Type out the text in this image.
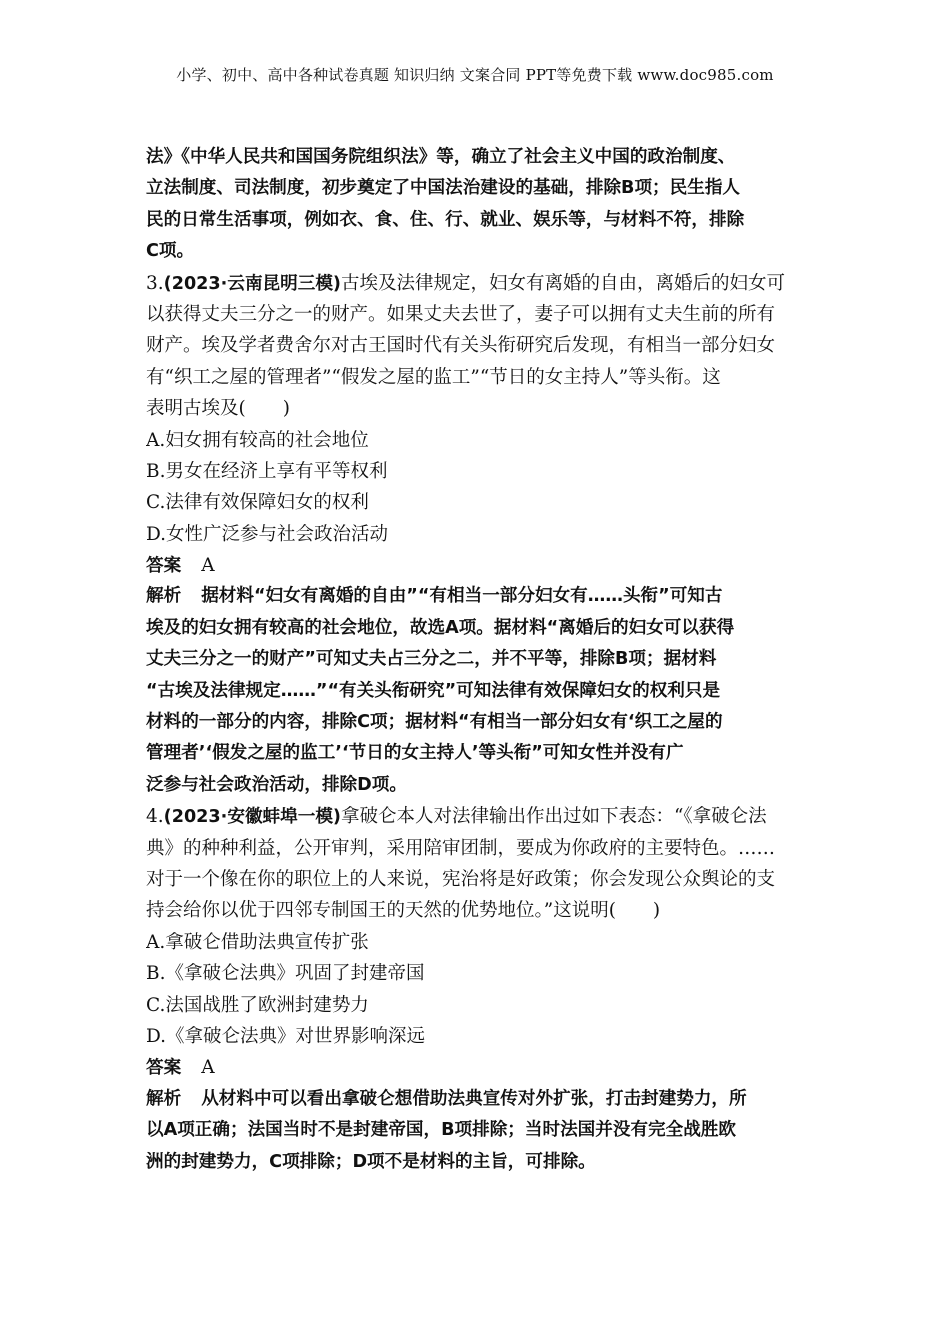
小学、初中、高中各种试卷真题 知识归纳 文案合同 PPT等免费下载 www.doc985.com
法》《中华人民共和国国务院组织法》等，确立了社会主义中国的政治制度、
立法制度、司法制度，初步奠定了中国法治建设的基础，排除B项；民生指人
民的日常生活事项，例如衣、食、住、行、就业、娱乐等，与材料不符，排除
C项。
3.(2023·云南昆明三模)古埃及法律规定，妇女有离婚的自由，离婚后的妇女可
以获得丈夫三分之一的财产。如果丈夫去世了，妻子可以拥有丈夫生前的所有
财产。埃及学者费舍尔对古王国时代有关头衔研究后发现，有相当一部分妇女
有“织工之屋的管理者”“假发之屋的监工”“节日的女主持人”等头衔。这
表明古埃及(　　)
A.妇女拥有较高的社会地位
B.男女在经济上享有平等权利
C.法律有效保障妇女的权利
D.女性广泛参与社会政治活动
答案 A
解析 据材料“妇女有离婚的自由”“有相当一部分妇女有……头衔”可知古
埃及的妇女拥有较高的社会地位，故选A项。据材料“离婚后的妇女可以获得
丈夫三分之一的财产”可知丈夫占三分之二，并不平等，排除B项；据材料
“古埃及法律规定……”“有关头衔研究”可知法律有效保障妇女的权利只是
材料的一部分的内容，排除C项；据材料“有相当一部分妇女有‘织工之屋的
管理者’‘假发之屋的监工’‘节日的女主持人’等头衔”可知女性并没有广
泛参与社会政治活动，排除D项。
4.(2023·安徽蚌埠一模)拿破仑本人对法律输出作出过如下表态：“《拿破仑法
典》的种种利益，公开审判，采用陪审团制，要成为你政府的主要特色。……
对于一个像在你的职位上的人来说，宪治将是好政策；你会发现公众舆论的支
持会给你以优于四邻专制国王的天然的优势地位。”这说明(　　)
A.拿破仑借助法典宣传扩张
B.《拿破仑法典》巩固了封建帝国
C.法国战胜了欧洲封建势力
D.《拿破仑法典》对世界影响深远
答案 A
解析 从材料中可以看出拿破仑想借助法典宣传对外扩张，打击封建势力，所
以A项正确；法国当时不是封建帝国，B项排除；当时法国并没有完全战胜欧
洲的封建势力，C项排除；D项不是材料的主旨，可排除。
